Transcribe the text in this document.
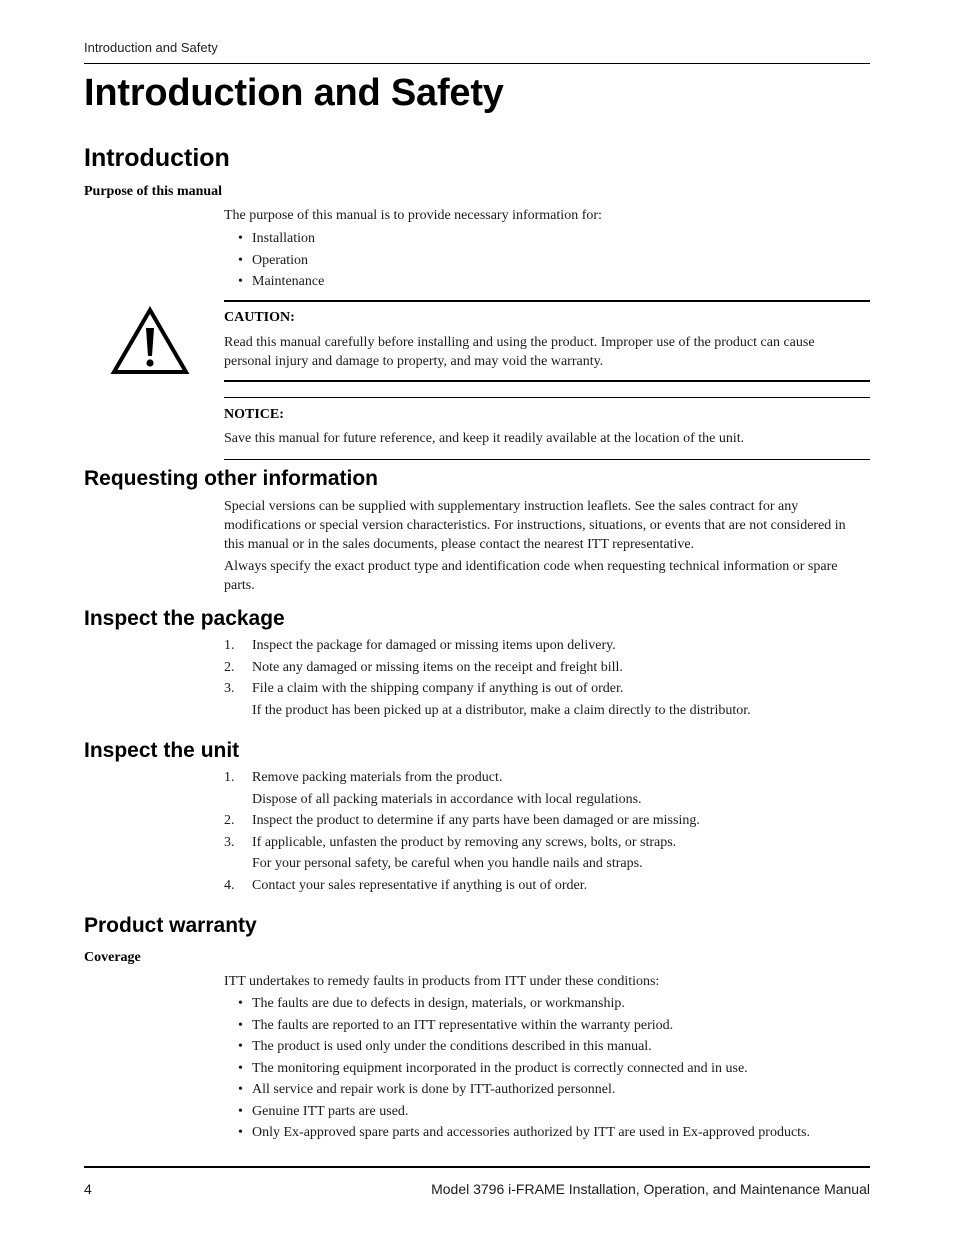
Introduction and Safety
Introduction and Safety
Introduction
Purpose of this manual

The purpose of this manual is to provide necessary information for:

• Installation
• Operation
• Maintenance
CAUTION:

Read this manual carefully before installing and using the product. Improper use of the product can cause personal injury and damage to property, and may void the warranty.

NOTICE:

Save this manual for future reference, and keep it readily available at the location of the unit.

Requesting other information

Special versions can be supplied with supplementary instruction leaflets. See the sales contract for any modifications or special version characteristics. For instructions, situations, or events that are not considered in this manual or in the sales documents, please contact the nearest ITT representative.

Always specify the exact product type and identification code when requesting technical information or spare parts.

Inspect the package
1. Inspect the package for damaged or missing items upon delivery.
2. Note any damaged or missing items on the receipt and freight bill.
3. File a claim with the shipping company if anything is out of order.
If the product has been picked up at a distributor, make a claim directly to the distributor.
Inspect the unit
1. Remove packing materials from the product.
Dispose of all packing materials in accordance with local regulations.
2. Inspect the product to determine if any parts have been damaged or are missing.
3. If applicable, unfasten the product by removing any screws, bolts, or straps.
For your personal safety, be careful when you handle nails and straps.
4. Contact your sales representative if anything is out of order.
Product warranty
Coverage

ITT undertakes to remedy faults in products from ITT under these conditions:

• The faults are due to defects in design, materials, or workmanship.
• The faults are reported to an ITT representative within the warranty period.
• The product is used only under the conditions described in this manual.
• The monitoring equipment incorporated in the product is correctly connected and in use.
• All service and repair work is done by ITT-authorized personnel.
• Genuine ITT parts are used.
• Only Ex-approved spare parts and accessories authorized by ITT are used in Ex-approved products.
4	Model 3796 i-FRAME Installation, Operation, and Maintenance Manual
